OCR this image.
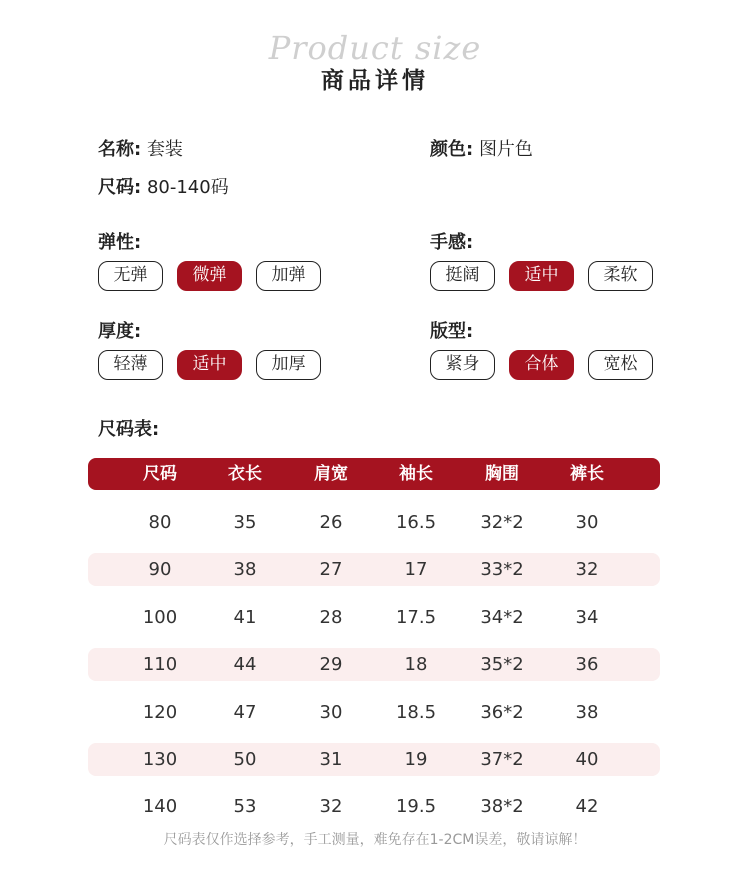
Product size
商品详情
名称: 套装	颜色: 图片色
尺码: 80-140码
弹性:
无弹	微弹	加弹
手感:
挺阔	适中	柔软
厚度:
轻薄	适中	加厚
版型:
紧身	合体	宽松
尺码表:
尺码	衣长	肩宽	袖长	胸围	裤长
80	35	26	16.5	32*2	30
90	38	27	17	33*2	32
100	41	28	17.5	34*2	34
110	44	29	18	35*2	36
120	47	30	18.5	36*2	38
130	50	31	19	37*2	40
140	53	32	19.5	38*2	42
尺码表仅作选择参考，手工测量，难免存在1-2CM误差，敬请谅解！
